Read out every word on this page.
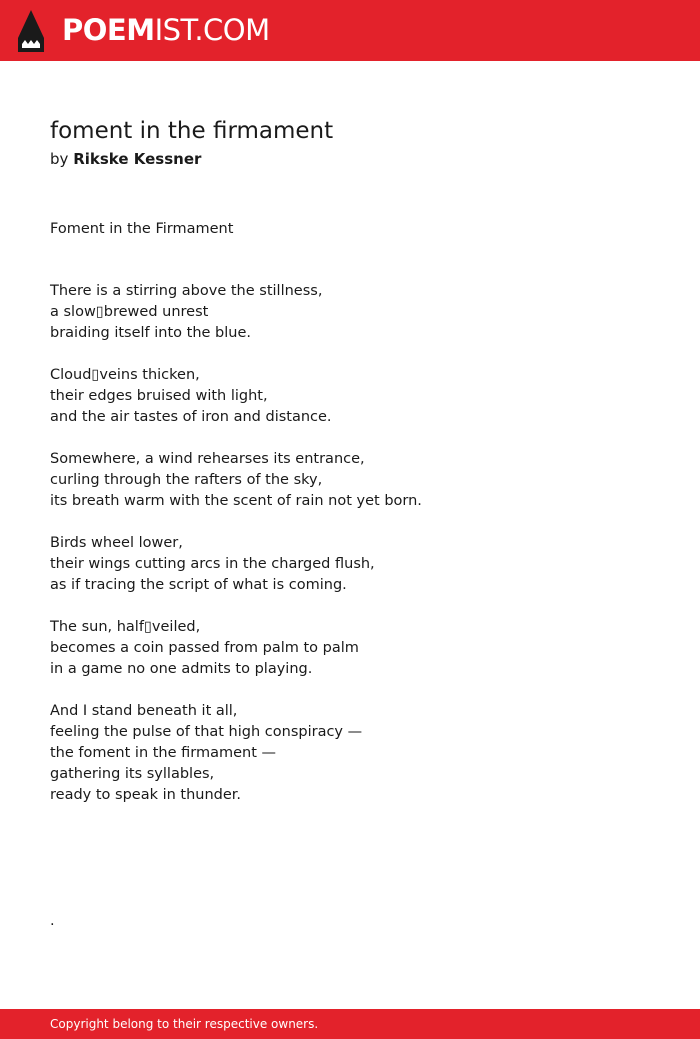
POEMIST.COM
foment in the firmament
by Rikske Kessner
Foment in the Firmament
There is a stirring above the stillness,
a slow▯brewed unrest
braiding itself into the blue.
Cloud▯veins thicken,
their edges bruised with light,
and the air tastes of iron and distance.
Somewhere, a wind rehearses its entrance,
curling through the rafters of the sky,
its breath warm with the scent of rain not yet born.
Birds wheel lower,
their wings cutting arcs in the charged flush,
as if tracing the script of what is coming.
The sun, half▯veiled,
becomes a coin passed from palm to palm
in a game no one admits to playing.
And I stand beneath it all,
feeling the pulse of that high conspiracy —
the foment in the firmament —
gathering its syllables,
ready to speak in thunder.
.
Copyright belong to their respective owners.
